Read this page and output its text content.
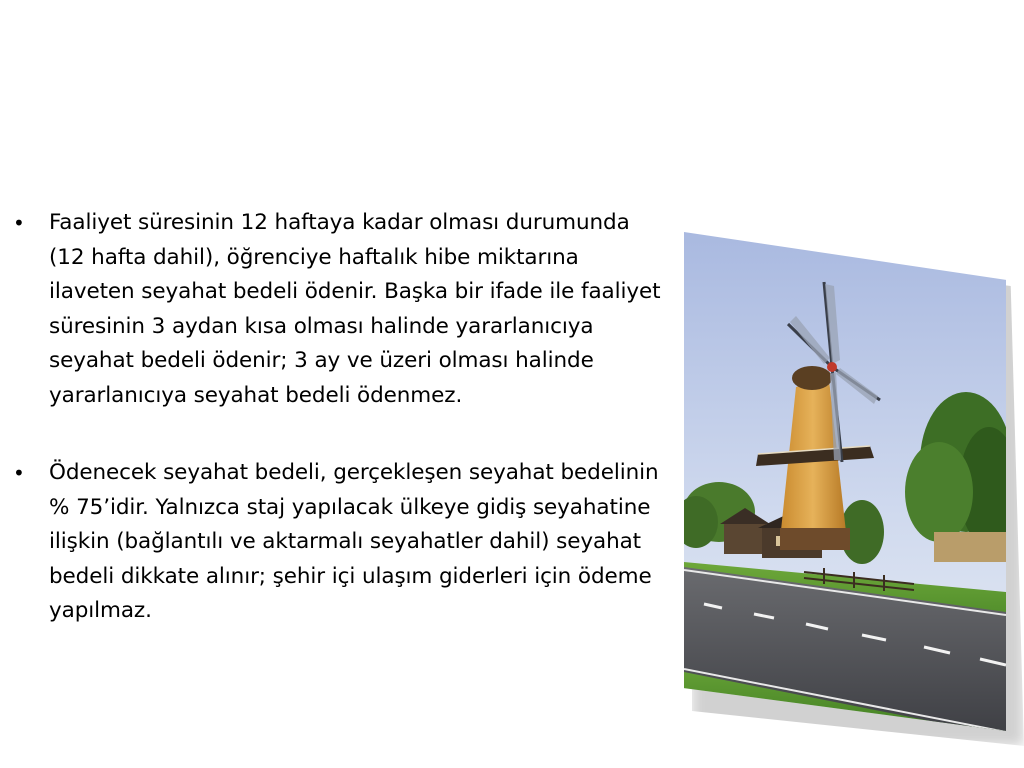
• Faaliyet süresinin 12 haftaya kadar olması durumunda (12 hafta dahil), öğrenciye haftalık hibe miktarına ilaveten seyahat bedeli ödenir. Başka bir ifade ile faaliyet süresinin 3 aydan kısa olması halinde yararlanıcıya seyahat bedeli ödenir; 3 ay ve üzeri olması halinde yararlanıcıya seyahat bedeli ödenmez.
• Ödenecek seyahat bedeli, gerçekleşen seyahat bedelinin % 75’idir. Yalnızca staj yapılacak ülkeye gidiş seyahatine ilişkin (bağlantılı ve aktarmalı seyahatler dahil) seyahat bedeli dikkate alınır; şehir içi ulaşım giderleri için ödeme yapılmaz.
